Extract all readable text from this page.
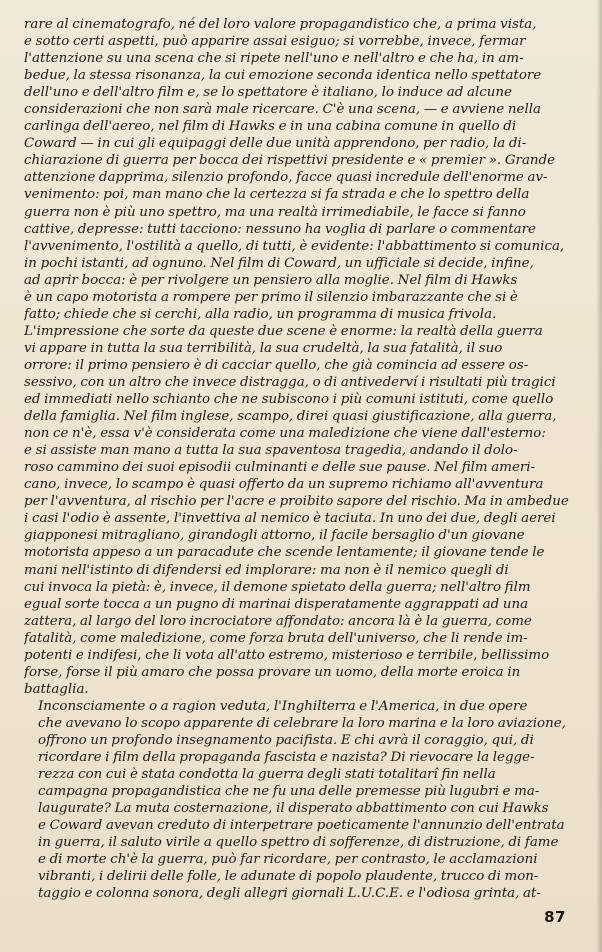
rare al cinematografo, né del loro valore propagandistico che, a prima vista,
e sotto certi aspetti, può apparire assai esiguo; si vorrebbe, invece, fermar
l'attenzione su una scena che si ripete nell'uno e nell'altro e che ha, in am-
bedue, la stessa risonanza, la cui emozione seconda identica nello spettatore
dell'uno e dell'altro film e, se lo spettatore è italiano, lo induce ad alcune
considerazioni che non sarà male ricercare. C'è una scena, — e avviene nella
carlinga dell'aereo, nel film di Hawks e in una cabina comune in quello di
Coward — in cui gli equipaggi delle due unità apprendono, per radio, la di-
chiarazione di guerra per bocca dei rispettivi presidente e « premier ». Grande
attenzione dapprima, silenzio profondo, facce quasi incredule dell'enorme av-
venimento: poi, man mano che la certezza si fa strada e che lo spettro della
guerra non è più uno spettro, ma una realtà irrimediabile, le facce si fanno
cattive, depresse: tutti tacciono: nessuno ha voglia di parlare o commentare
l'avvenimento, l'ostilità a quello, di tutti, è evidente: l'abbattimento si comunica,
in pochi istanti, ad ognuno. Nel film di Coward, un ufficiale si decide, infine,
ad aprir bocca: è per rivolgere un pensiero alla moglie. Nel film di Hawks
è un capo motorista a rompere per primo il silenzio imbarazzante che si è
fatto; chiede che si cerchi, alla radio, un programma di musica frivola.
L'impressione che sorte da queste due scene è enorme: la realtà della guerra
vi appare in tutta la sua terribilità, la sua crudeltà, la sua fatalità, il suo
orrore: il primo pensiero è di cacciar quello, che già comincia ad essere os-
sessivo, con un altro che invece distragga, o di antivederví i risultati più tragici
ed immediati nello schianto che ne subiscono i più comuni istituti, come quello
della famiglia. Nel film inglese, scampo, direi quasi giustificazione, alla guerra,
non ce n'è, essa v'è considerata come una maledizione che viene dall'esterno:
e si assiste man mano a tutta la sua spaventosa tragedia, andando il dolo-
roso cammino dei suoi episodii culminanti e delle sue pause. Nel film ameri-
cano, invece, lo scampo è quasi offerto da un supremo richiamo all'avventura
per l'avventura, al rischio per l'acre e proibito sapore del rischio. Ma in ambedue
i casi l'odio è assente, l'invettiva al nemico è taciuta. In uno dei due, degli aerei
giapponesi mitragliano, girandogli attorno, il facile bersaglio d'un giovane
motorista appeso a un paracadute che scende lentamente; il giovane tende le
mani nell'istinto di difendersi ed implorare: ma non è il nemico quegli di
cui invoca la pietà: è, invece, il demone spietato della guerra; nell'altro film
egual sorte tocca a un pugno di marinai disperatamente aggrappati ad una
zattera, al largo del loro incrociatore affondato: ancora là è la guerra, come
fatalità, come maledizione, come forza bruta dell'universo, che li rende im-
potenti e indifesi, che li vota all'atto estremo, misterioso e terribile, bellissimo
forse, forse il più amaro che possa provare un uomo, della morte eroica in
battaglia.

Inconsciamente o a ragion veduta, l'Inghilterra e l'America, in due opere
che avevano lo scopo apparente di celebrare la loro marina e la loro aviazione,
offrono un profondo insegnamento pacifista. E chi avrà il coraggio, qui, di
ricordare i film della propaganda fascista e nazista? Di rievocare la legge-
rezza con cui è stata condotta la guerra degli stati totalitarî fin nella
campagna propagandistica che ne fu una delle premesse più lugubri e ma-
laugurate? La muta costernazione, il disperato abbattimento con cui Hawks
e Coward avevan creduto di interpetrare poeticamente l'annunzio dell'entrata
in guerra, il saluto virile a quello spettro di sofferenze, di distruzione, di fame
e di morte ch'è la guerra, può far ricordare, per contrasto, le acclamazioni
vibranti, i delirii delle folle, le adunate di popolo plaudente, trucco di mon-
taggio e colonna sonora, degli allegri giornali L.U.C.E. e l'odiosa grinta, at-

87
